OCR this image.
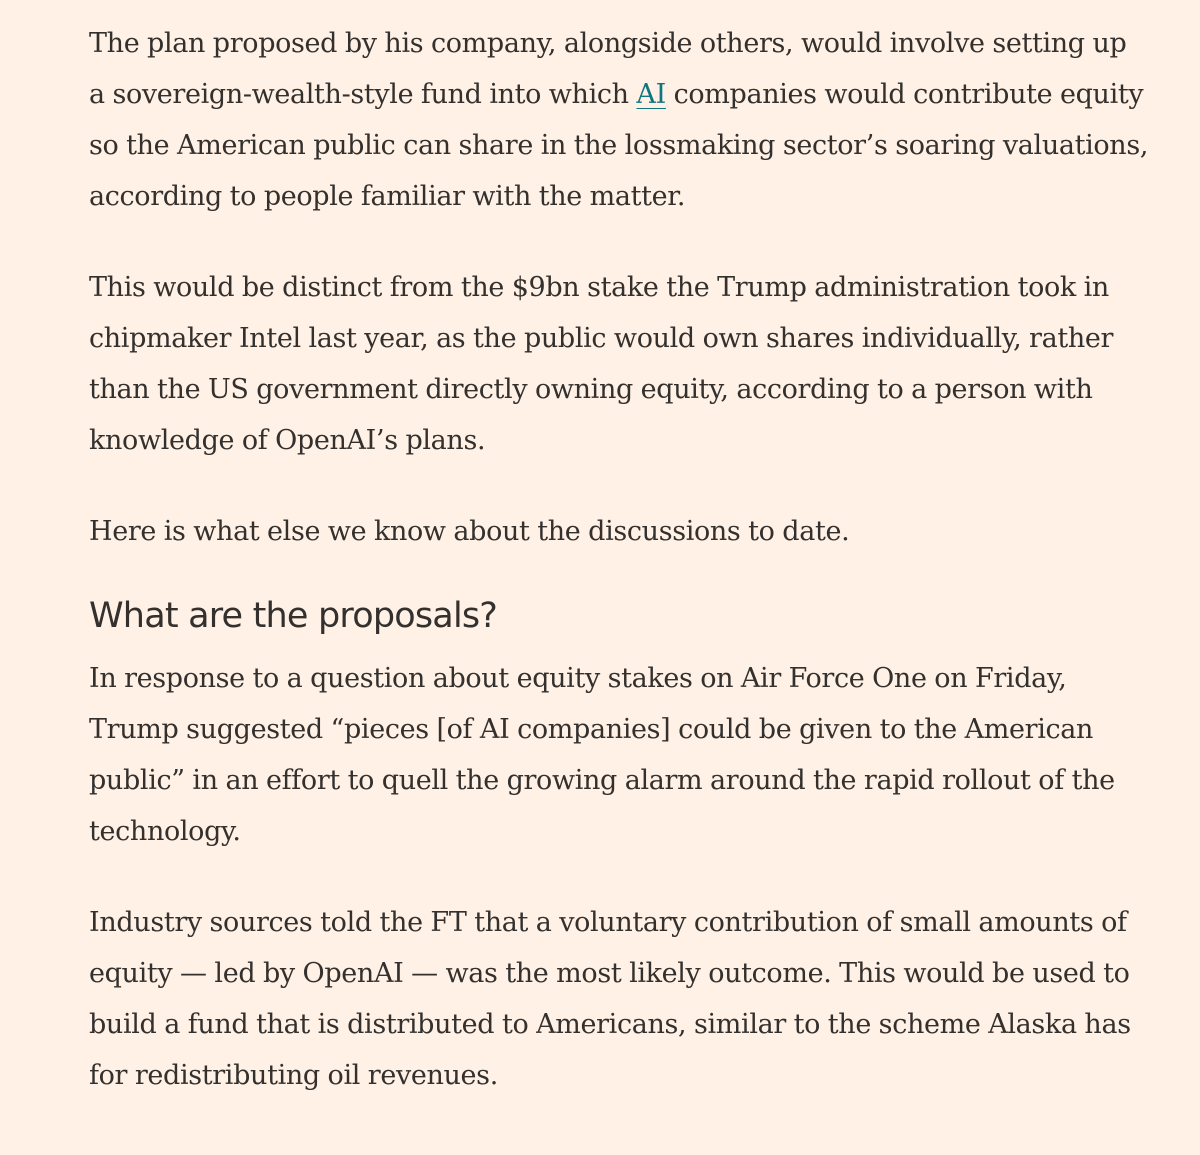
The plan proposed by his company, alongside others, would involve setting up a sovereign-wealth-style fund into which AI companies would contribute equity so the American public can share in the lossmaking sector’s soaring valuations, according to people familiar with the matter.

This would be distinct from the $9bn stake the Trump administration took in chipmaker Intel last year, as the public would own shares individually, rather than the US government directly owning equity, according to a person with knowledge of OpenAI’s plans.

Here is what else we know about the discussions to date.

What are the proposals?

In response to a question about equity stakes on Air Force One on Friday, Trump suggested “pieces [of AI companies] could be given to the American public” in an effort to quell the growing alarm around the rapid rollout of the technology.

Industry sources told the FT that a voluntary contribution of small amounts of equity — led by OpenAI — was the most likely outcome. This would be used to build a fund that is distributed to Americans, similar to the scheme Alaska has for redistributing oil revenues.
